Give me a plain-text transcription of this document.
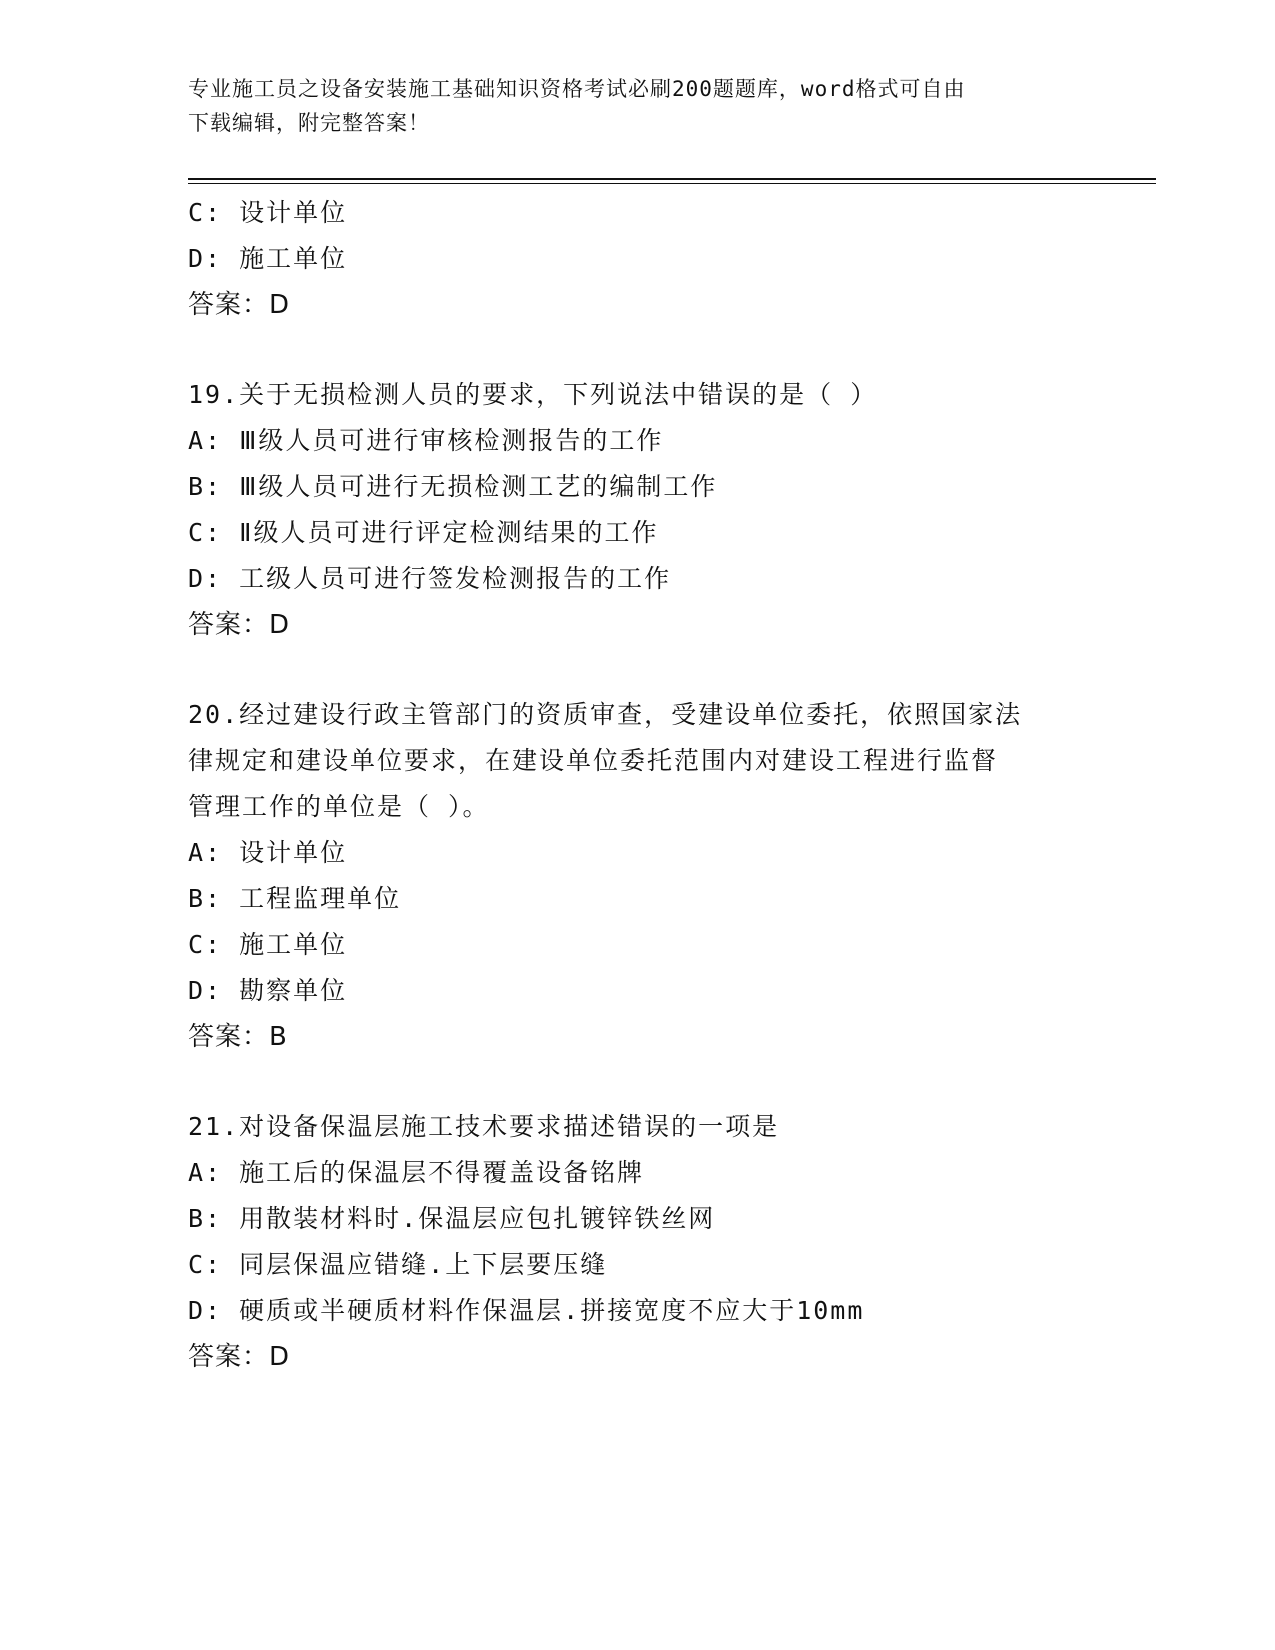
专业施工员之设备安装施工基础知识资格考试必刷200题题库，word格式可自由
下载编辑，附完整答案！
C: 设计单位
D: 施工单位
答案：D
19.关于无损检测人员的要求，下列说法中错误的是（ ）
A: Ⅲ级人员可进行审核检测报告的工作
B: Ⅲ级人员可进行无损检测工艺的编制工作
C: Ⅱ级人员可进行评定检测结果的工作
D: 工级人员可进行签发检测报告的工作
答案：D
20.经过建设行政主管部门的资质审查，受建设单位委托，依照国家法
律规定和建设单位要求，在建设单位委托范围内对建设工程进行监督
管理工作的单位是（ ）。
A: 设计单位
B: 工程监理单位
C: 施工单位
D: 勘察单位
答案：B
21.对设备保温层施工技术要求描述错误的一项是
A: 施工后的保温层不得覆盖设备铭牌
B: 用散装材料时.保温层应包扎镀锌铁丝网
C: 同层保温应错缝.上下层要压缝
D: 硬质或半硬质材料作保温层.拼接宽度不应大于10mm
答案：D
